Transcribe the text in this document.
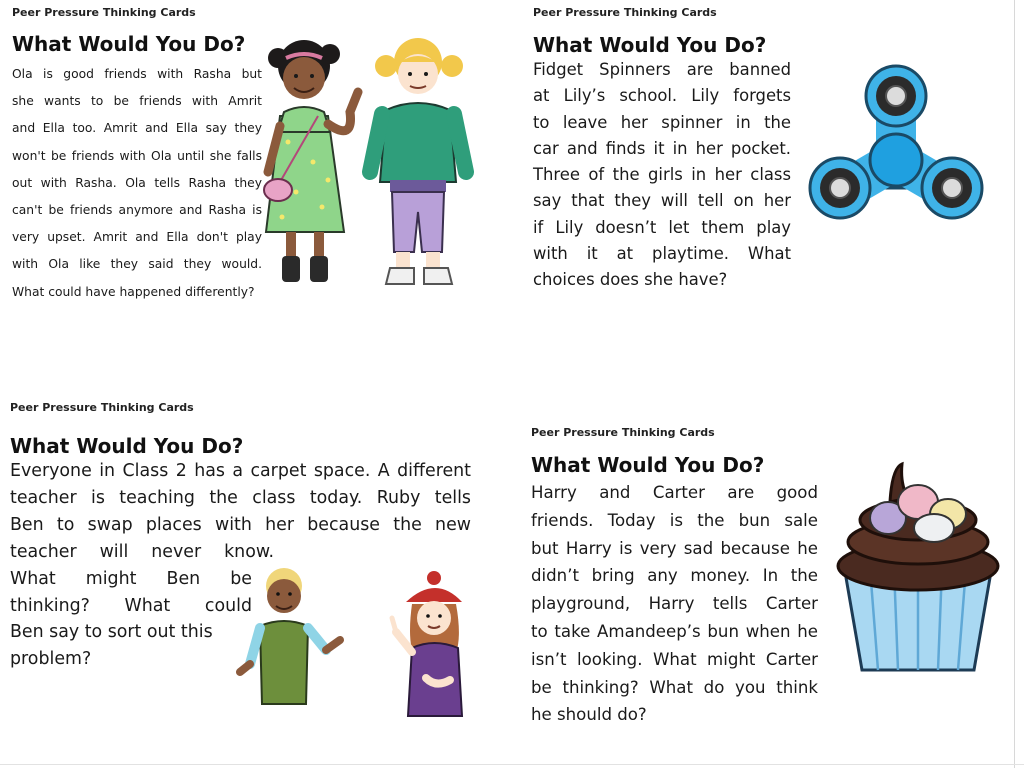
Peer Pressure Thinking Cards
What Would You Do?
Ola is good friends with Rasha but
she wants to be friends with Amrit
and Ella too. Amrit and Ella say they
won't be friends with Ola until she falls
out with Rasha. Ola tells Rasha they
can't be friends anymore and Rasha is
very upset. Amrit and Ella don't play
with Ola like they said they would.
What could have happened differently?
Peer Pressure Thinking Cards
What Would You Do?
Fidget Spinners are banned
at Lily’s school. Lily forgets
to leave her spinner in the
car and finds it in her pocket.
Three of the girls in her class
say that they will tell on her
if Lily doesn’t let them play
with it at playtime. What
choices does she have?
Peer Pressure Thinking Cards
What Would You Do?
Everyone in Class 2 has a carpet space. A different
teacher is teaching the class today. Ruby tells
Ben to swap places with her because the new
teacher will never know.
What might Ben be
thinking? What could
Ben say to sort out this
problem?
Peer Pressure Thinking Cards
What Would You Do?
Harry and Carter are good
friends. Today is the bun sale
but Harry is very sad because he
didn’t bring any money. In the
playground, Harry tells Carter
to take Amandeep’s bun when he
isn’t looking. What might Carter
be thinking? What do you think
he should do?
